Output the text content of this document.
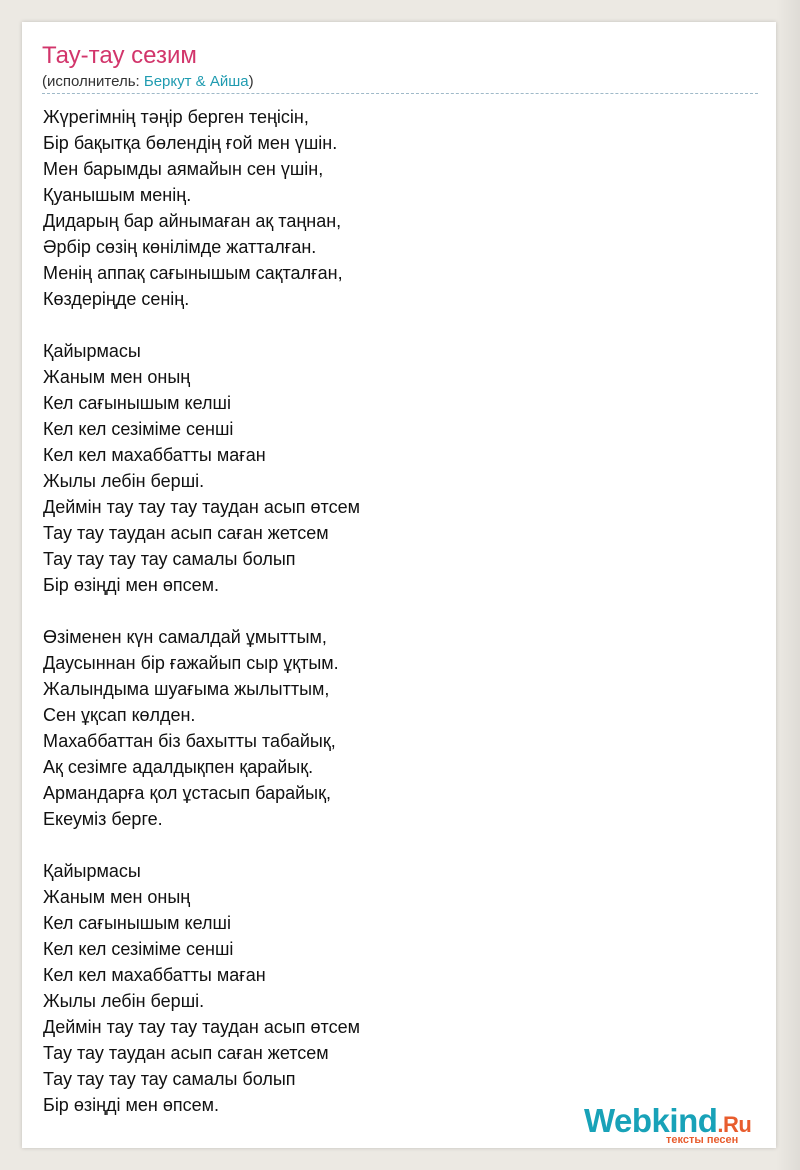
Тау-тау сезим
(исполнитель: Беркут & Айша)
Жүрегімнің тәңір берген теңісін,
Бір бақытқа бөлендің ғой мен үшін.
Мен барымды аямайын сен үшін,
Қуанышым менің.
Дидарың бар айнымаған ақ таңнан,
Әрбір сөзің көнілімде жатталған.
Менің аппақ сағынышым сақталған,
Көздеріңде сенің.
Қайырмасы
Жаным мен оның
Кел сағынышым келші
Кел кел сезіміме сенші
Кел кел махаббатты маған
Жылы лебін берші.
Деймін тау тау тау таудан асып өтсем
Тау тау таудан асып саған жетсем
Тау тау тау тау самалы болып
Бір өзіңді мен өпсем.
Өзіменен күн самалдай ұмыттым,
Даусыннан бір ғажайып сыр ұқтым.
Жалындыма шуағыма жылыттым,
Сен ұқсап көлден.
Махаббаттан біз бахытты табайық,
Ақ сезімге адалдықпен қарайық.
Армандарға қол ұстасып барайық,
Екеуміз берге.
Қайырмасы
Жаным мен оның
Кел сағынышым келші
Кел кел сезіміме сенші
Кел кел махаббатты маған
Жылы лебін берші.
Деймін тау тау тау таудан асып өтсем
Тау тау таудан асып саған жетсем
Тау тау тау тау самалы болып
Бір өзіңді мен өпсем.	Webkind.Ru
тексты песен
